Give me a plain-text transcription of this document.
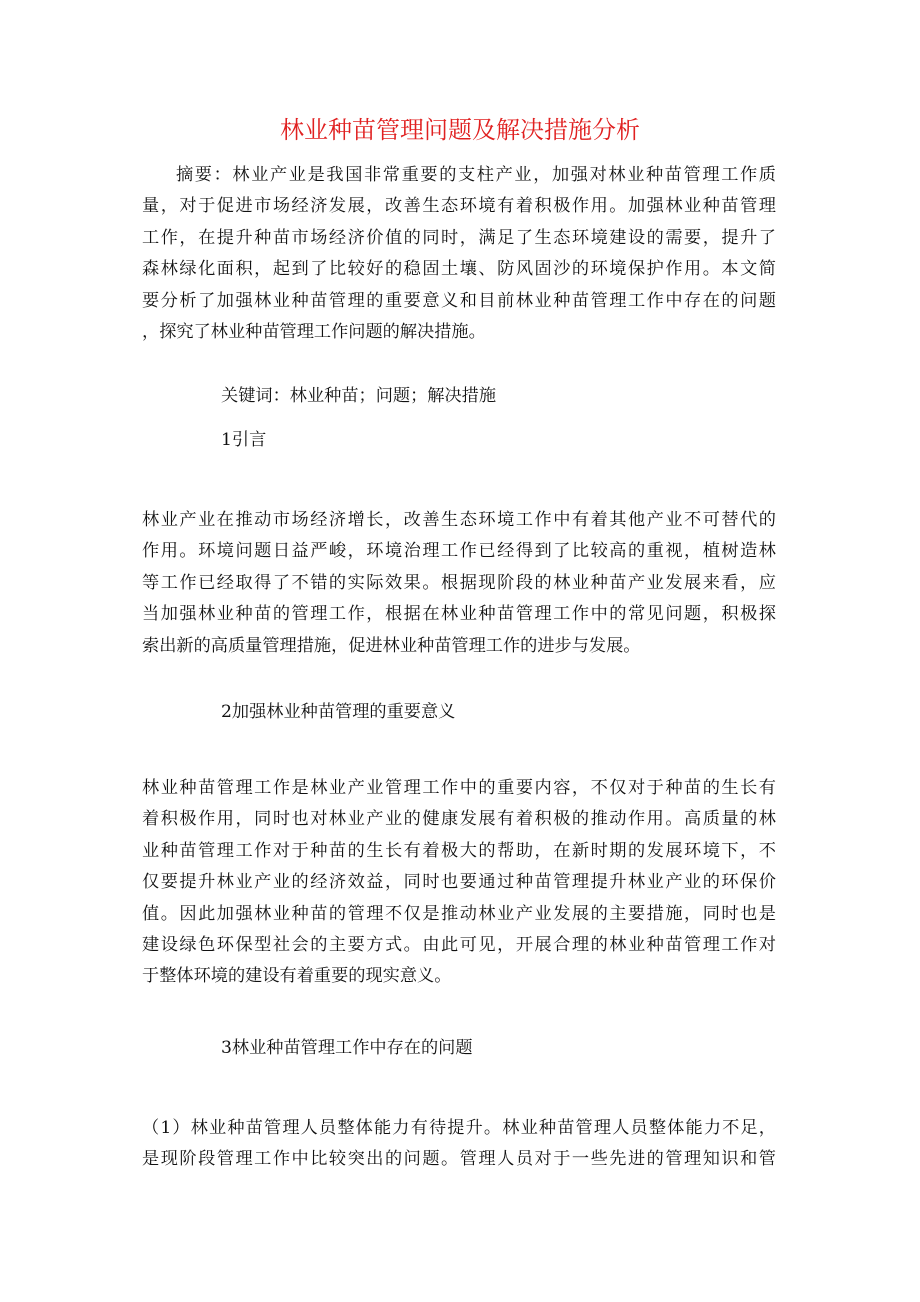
林业种苗管理问题及解决措施分析
摘要：林业产业是我国非常重要的支柱产业，加强对林业种苗管理工作质
量，对于促进市场经济发展，改善生态环境有着积极作用。加强林业种苗管理
工作，在提升种苗市场经济价值的同时，满足了生态环境建设的需要，提升了
森林绿化面积，起到了比较好的稳固土壤、防风固沙的环境保护作用。本文简
要分析了加强林业种苗管理的重要意义和目前林业种苗管理工作中存在的问题
，探究了林业种苗管理工作问题的解决措施。
关键词：林业种苗；问题；解决措施
1引言
林业产业在推动市场经济增长，改善生态环境工作中有着其他产业不可替代的
作用。环境问题日益严峻，环境治理工作已经得到了比较高的重视，植树造林
等工作已经取得了不错的实际效果。根据现阶段的林业种苗产业发展来看，应
当加强林业种苗的管理工作，根据在林业种苗管理工作中的常见问题，积极探
索出新的高质量管理措施，促进林业种苗管理工作的进步与发展。
2加强林业种苗管理的重要意义
林业种苗管理工作是林业产业管理工作中的重要内容，不仅对于种苗的生长有
着积极作用，同时也对林业产业的健康发展有着积极的推动作用。高质量的林
业种苗管理工作对于种苗的生长有着极大的帮助，在新时期的发展环境下，不
仅要提升林业产业的经济效益，同时也要通过种苗管理提升林业产业的环保价
值。因此加强林业种苗的管理不仅是推动林业产业发展的主要措施，同时也是
建设绿色环保型社会的主要方式。由此可见，开展合理的林业种苗管理工作对
于整体环境的建设有着重要的现实意义。
3林业种苗管理工作中存在的问题
（1）林业种苗管理人员整体能力有待提升。林业种苗管理人员整体能力不足，
是现阶段管理工作中比较突出的问题。管理人员对于一些先进的管理知识和管
